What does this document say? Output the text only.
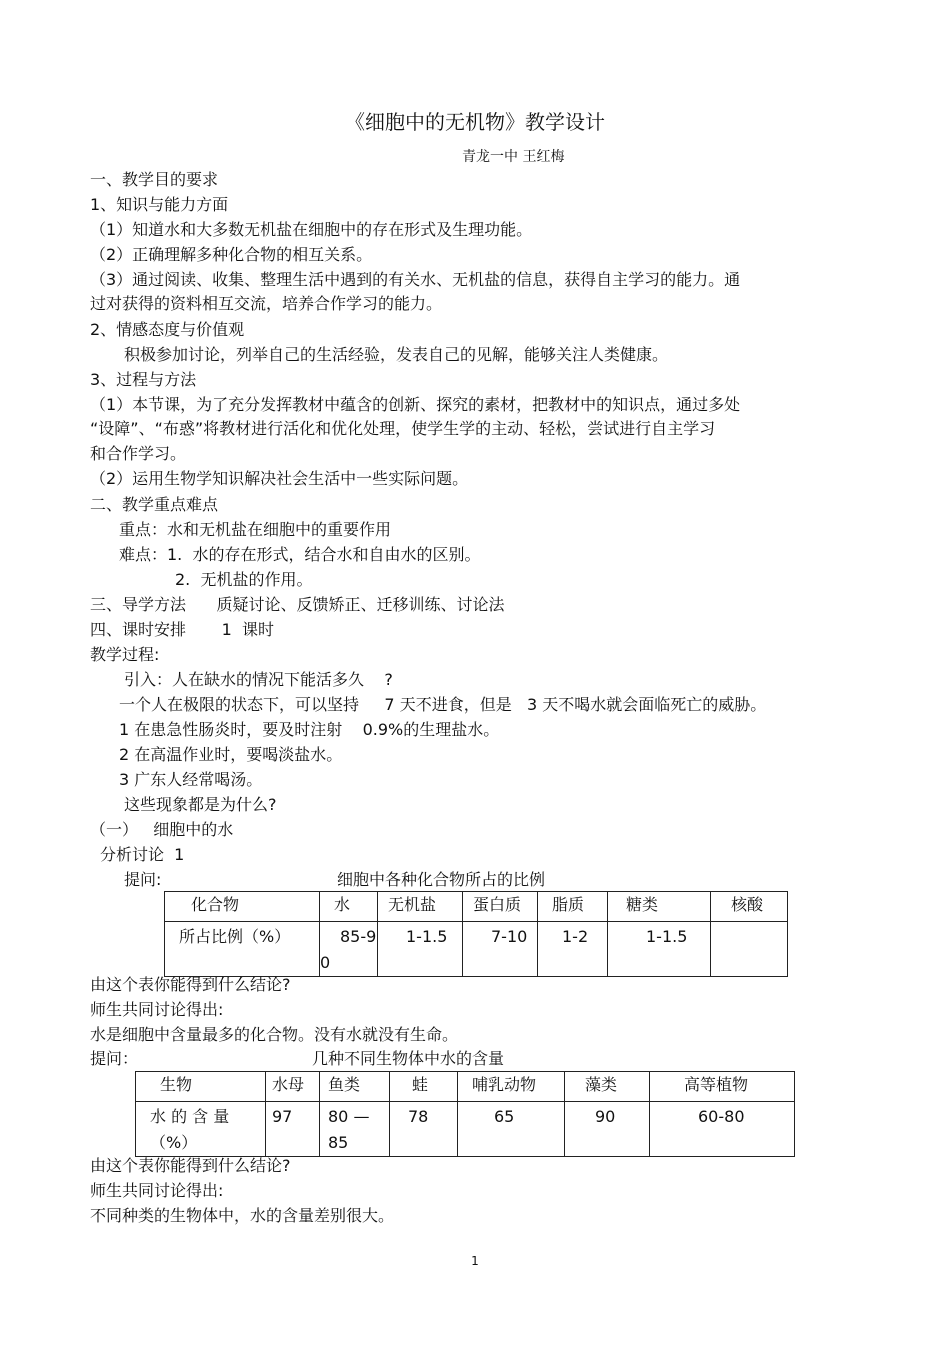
《细胞中的无机物》教学设计
青龙一中 王红梅
一、教学目的要求
1、知识与能力方面
（1）知道水和大多数无机盐在细胞中的存在形式及生理功能。
（2）正确理解多种化合物的相互关系。
（3）通过阅读、收集、整理生活中遇到的有关水、无机盐的信息，获得自主学习的能力。通
过对获得的资料相互交流，培养合作学习的能力。
2、情感态度与价值观
积极参加讨论，列举自己的生活经验，发表自己的见解，能够关注人类健康。
3、过程与方法
（1）本节课，为了充分发挥教材中蕴含的创新、探究的素材，把教材中的知识点，通过多处
“设障”、“布惑”将教材进行活化和优化处理，使学生学的主动、轻松，尝试进行自主学习
和合作学习。
（2）运用生物学知识解决社会生活中一些实际问题。
二、教学重点难点
重点：水和无机盐在细胞中的重要作用
难点：1.  水的存在形式，结合水和自由水的区别。
2.  无机盐的作用。
三、导学方法      质疑讨论、反馈矫正、迁移训练、讨论法
四、课时安排       1  课时
教学过程:
引入：人在缺水的情况下能活多久    ?
一个人在极限的状态下，可以坚持     7 天不进食，但是   3 天不喝水就会面临死亡的威胁。
1 在患急性肠炎时，要及时注射    0.9%的生理盐水。
2 在高温作业时，要喝淡盐水。
3 广东人经常喝汤。
这些现象都是为什么?
（一）   细胞中的水
分析讨论  1
提问:	细胞中各种化合物所占的比例
化合物	水	无机盐	蛋白质	脂质	糖类	核酸

所占比例（%）	85-90	1-1.5	7-10	1-2	1-1.5	

由这个表你能得到什么结论?
师生共同讨论得出:
水是细胞中含量最多的化合物。没有水就没有生命。
提问：	几种不同生物体中水的含量
生物	水母	鱼类	蛙	哺乳动物	藻类	高等植物

水 的 含 量（%）	97	80 —85	78	65	90	60-80
由这个表你能得到什么结论?
师生共同讨论得出:
不同种类的生物体中，水的含量差别很大。
1
